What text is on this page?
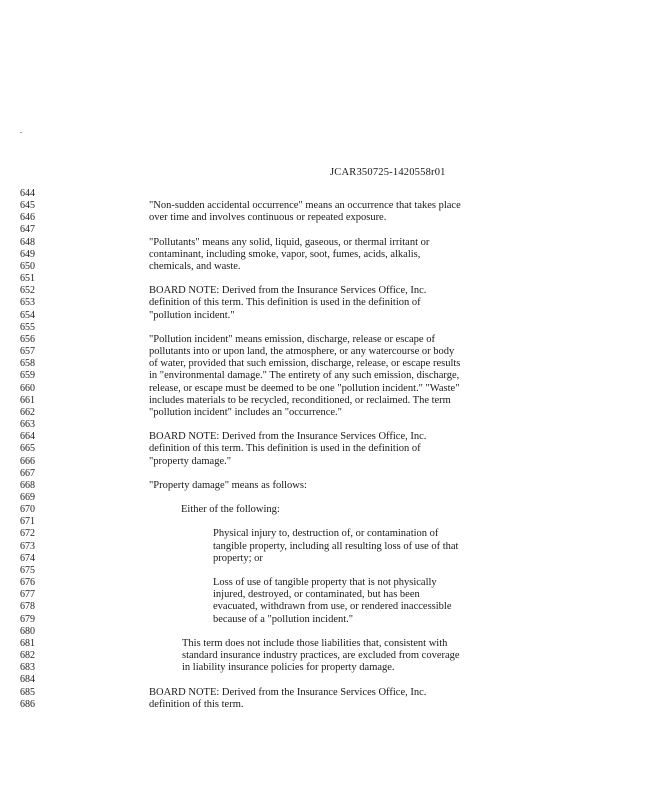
JCAR350725-1420558r01
644
645	"Non-sudden accidental occurrence" means an occurrence that takes place
646	over time and involves continuous or repeated exposure.
647
648	"Pollutants" means any solid, liquid, gaseous, or thermal irritant or
649	contaminant, including smoke, vapor, soot, fumes, acids, alkalis,
650	chemicals, and waste.
651
652	BOARD NOTE: Derived from the Insurance Services Office, Inc.
653	definition of this term. This definition is used in the definition of
654	"pollution incident."
655
656	"Pollution incident" means emission, discharge, release or escape of
657	pollutants into or upon land, the atmosphere, or any watercourse or body
658	of water, provided that such emission, discharge, release, or escape results
659	in "environmental damage." The entirety of any such emission, discharge,
660	release, or escape must be deemed to be one "pollution incident." "Waste"
661	includes materials to be recycled, reconditioned, or reclaimed. The term
662	"pollution incident" includes an "occurrence."
663
664	BOARD NOTE: Derived from the Insurance Services Office, Inc.
665	definition of this term. This definition is used in the definition of
666	"property damage."
667
668	"Property damage" means as follows:
669
670	Either of the following:
671
672	Physical injury to, destruction of, or contamination of
673	tangible property, including all resulting loss of use of that
674	property; or
675
676	Loss of use of tangible property that is not physically
677	injured, destroyed, or contaminated, but has been
678	evacuated, withdrawn from use, or rendered inaccessible
679	because of a "pollution incident."
680
681	This term does not include those liabilities that, consistent with
682	standard insurance industry practices, are excluded from coverage
683	in liability insurance policies for property damage.
684
685	BOARD NOTE: Derived from the Insurance Services Office, Inc.
686	definition of this term.
